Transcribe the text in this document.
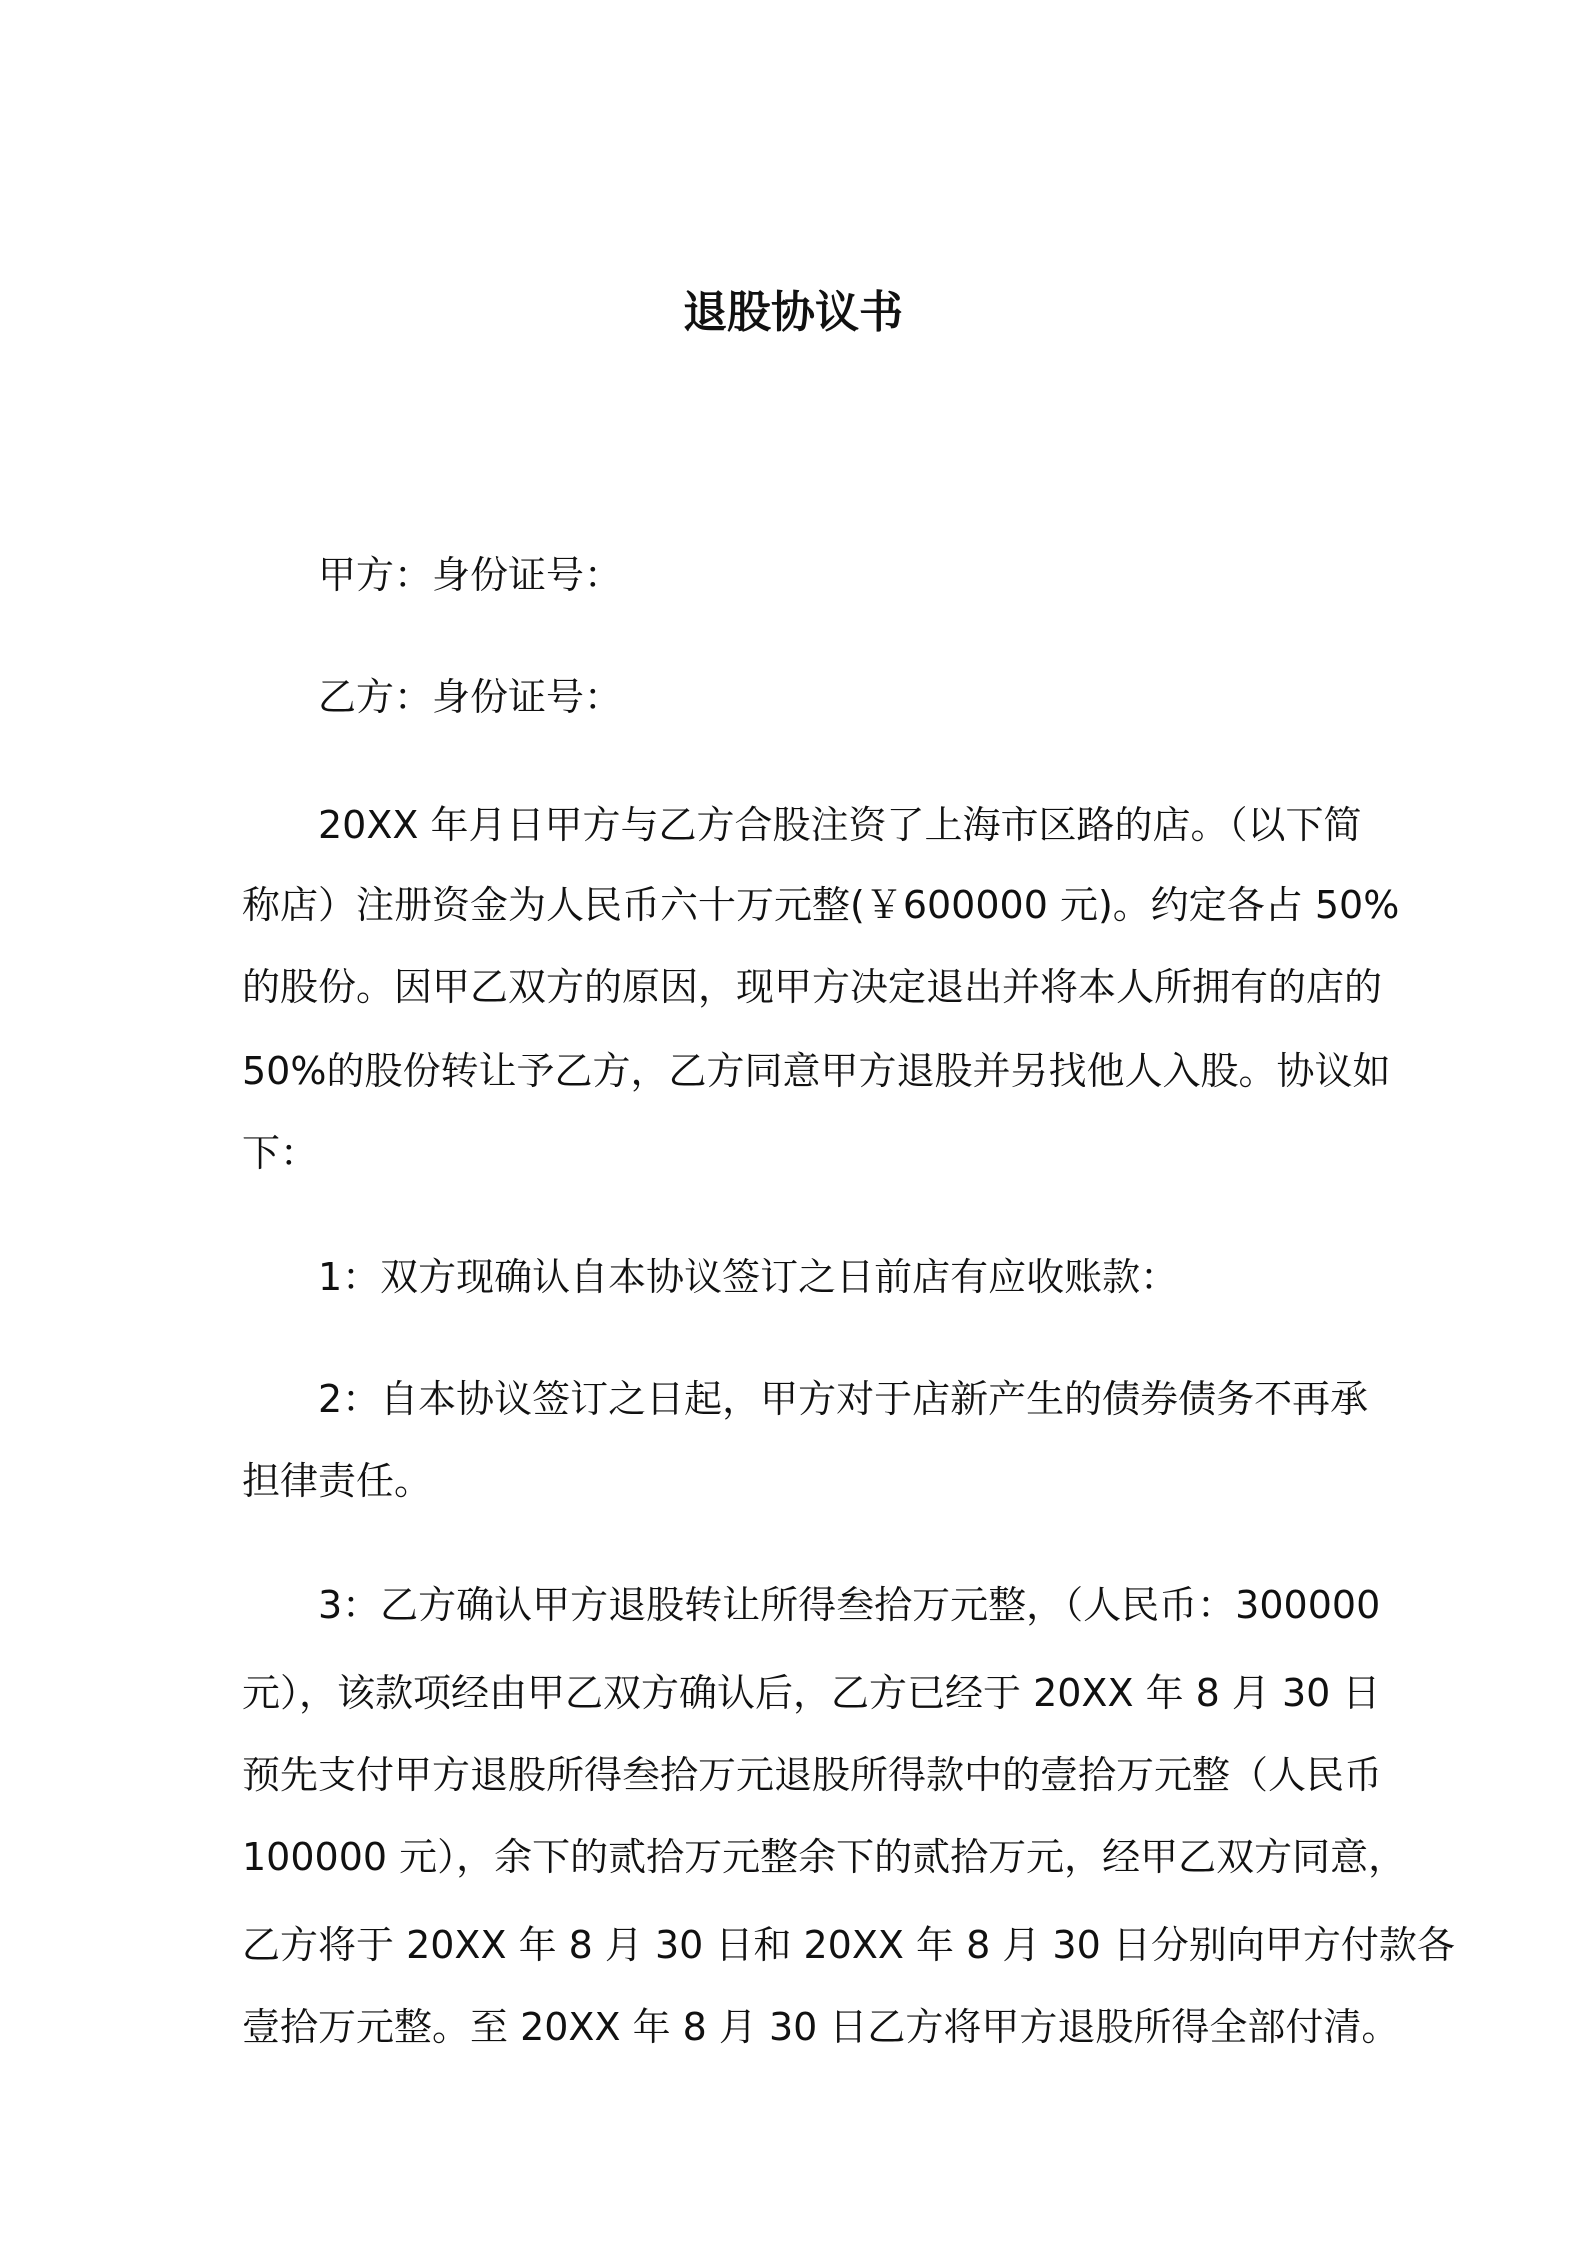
退股协议书
甲方：身份证号：
乙方：身份证号：
20XX 年月日甲方与乙方合股注资了上海市区路的店。（以下简
称店）注册资金为人民币六十万元整(￥600000 元)。约定各占 50%
的股份。因甲乙双方的原因，现甲方决定退出并将本人所拥有的店的
50%的股份转让予乙方，乙方同意甲方退股并另找他人入股。协议如
下：
1：双方现确认自本协议签订之日前店有应收账款：
2：自本协议签订之日起，甲方对于店新产生的债券债务不再承
担律责任。
3：乙方确认甲方退股转让所得叁拾万元整，（人民币：300000
元），该款项经由甲乙双方确认后，乙方已经于 20XX 年 8 月 30 日
预先支付甲方退股所得叁拾万元退股所得款中的壹拾万元整（人民币
100000 元），余下的贰拾万元整余下的贰拾万元，经甲乙双方同意，
乙方将于 20XX 年 8 月 30 日和 20XX 年 8 月 30 日分别向甲方付款各
壹拾万元整。至 20XX 年 8 月 30 日乙方将甲方退股所得全部付清。
